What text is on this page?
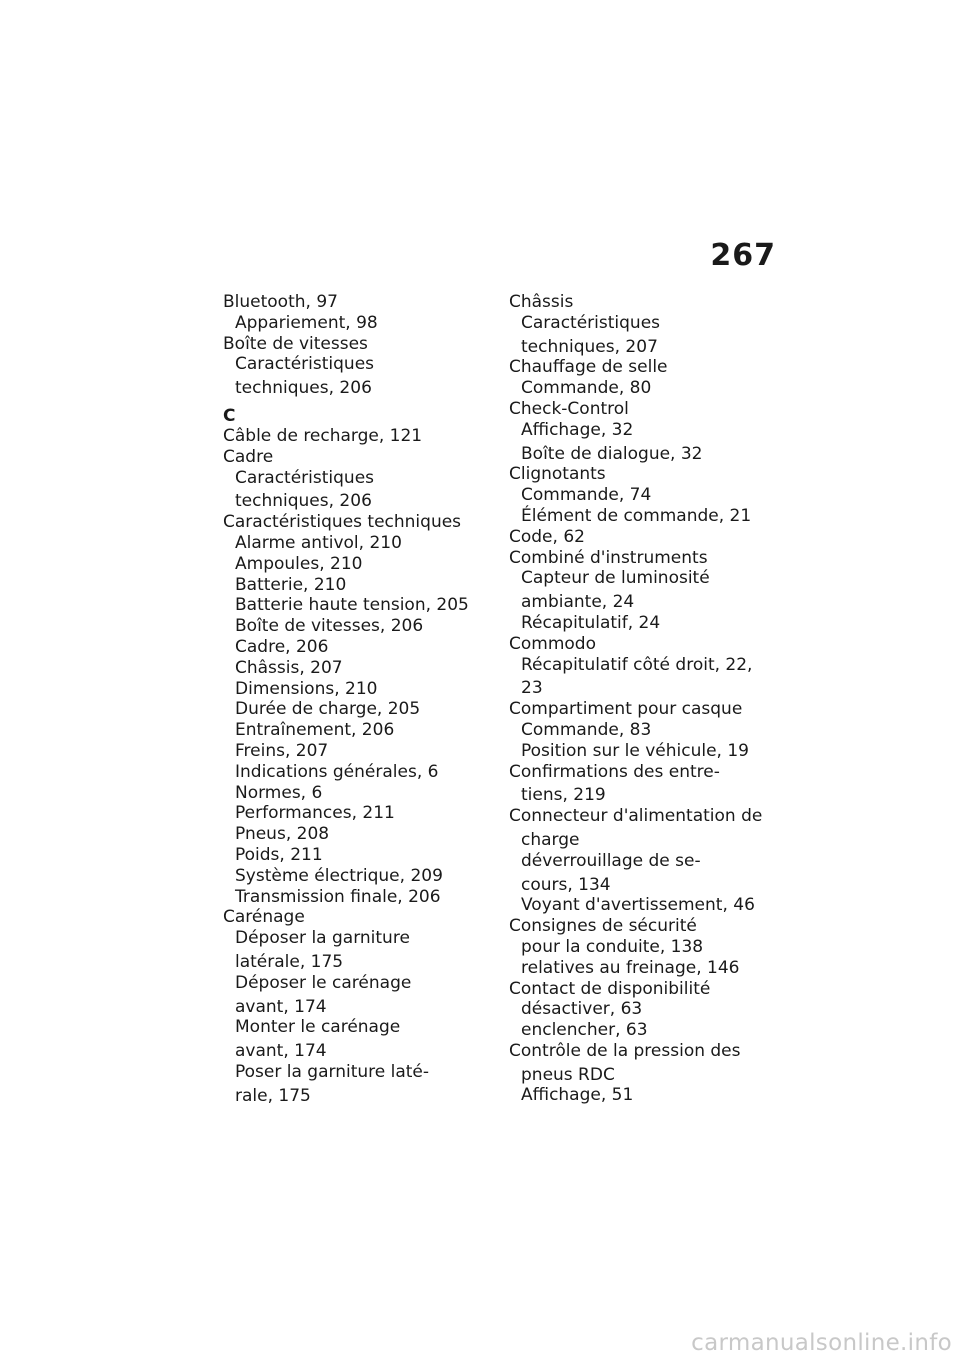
267
Bluetooth, 97
Appariement, 98
Boîte de vitesses
Caractéristiques
techniques, 206
C
Câble de recharge, 121
Cadre
Caractéristiques
techniques, 206
Caractéristiques techniques
Alarme antivol, 210
Ampoules, 210
Batterie, 210
Batterie haute tension, 205
Boîte de vitesses, 206
Cadre, 206
Châssis, 207
Dimensions, 210
Durée de charge, 205
Entraînement, 206
Freins, 207
Indications générales, 6
Normes, 6
Performances, 211
Pneus, 208
Poids, 211
Système électrique, 209
Transmission finale, 206
Carénage
Déposer la garniture
latérale, 175
Déposer le carénage
avant, 174
Monter le carénage
avant, 174
Poser la garniture laté-
rale, 175
Châssis
Caractéristiques
techniques, 207
Chauffage de selle
Commande, 80
Check-Control
Affichage, 32
Boîte de dialogue, 32
Clignotants
Commande, 74
Élément de commande, 21
Code, 62
Combiné d'instruments
Capteur de luminosité
ambiante, 24
Récapitulatif, 24
Commodo
Récapitulatif côté droit, 22,
23
Compartiment pour casque
Commande, 83
Position sur le véhicule, 19
Confirmations des entre-
tiens, 219
Connecteur d'alimentation de
charge
déverrouillage de se-
cours, 134
Voyant d'avertissement, 46
Consignes de sécurité
pour la conduite, 138
relatives au freinage, 146
Contact de disponibilité
désactiver, 63
enclencher, 63
Contrôle de la pression des
pneus RDC
Affichage, 51
carmanualsonline.info
